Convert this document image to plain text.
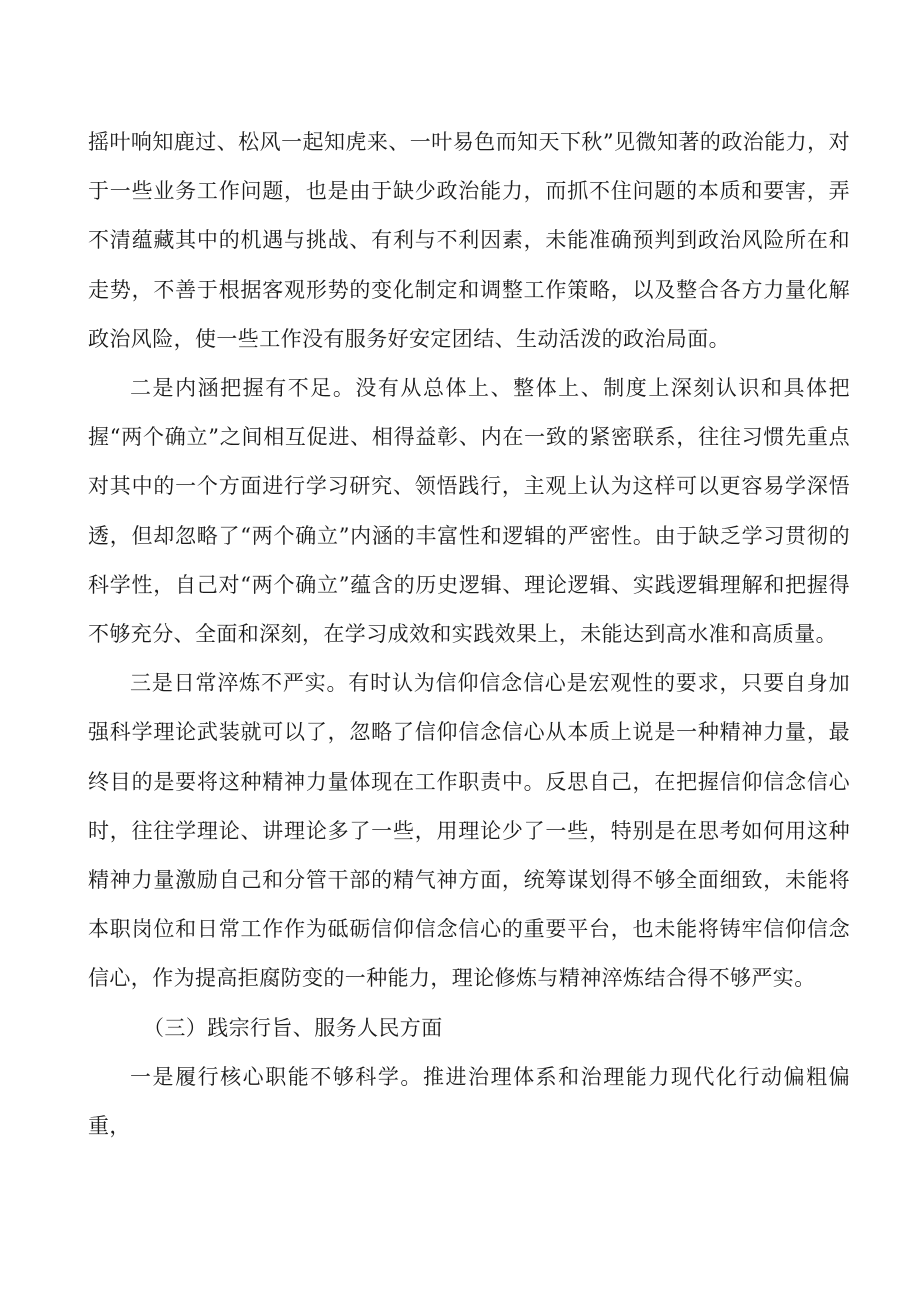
摇叶响知鹿过、松风一起知虎来、一叶易色而知天下秋”见微知著的政治能力，对于一些业务工作问题，也是由于缺少政治能力，而抓不住问题的本质和要害，弄不清蕴藏其中的机遇与挑战、有利与不利因素，未能准确预判到政治风险所在和走势，不善于根据客观形势的变化制定和调整工作策略，以及整合各方力量化解政治风险，使一些工作没有服务好安定团结、生动活泼的政治局面。

二是内涵把握有不足。没有从总体上、整体上、制度上深刻认识和具体把握“两个确立”之间相互促进、相得益彰、内在一致的紧密联系，往往习惯先重点对其中的一个方面进行学习研究、领悟践行，主观上认为这样可以更容易学深悟透，但却忽略了“两个确立”内涵的丰富性和逻辑的严密性。由于缺乏学习贯彻的科学性，自己对“两个确立”蕴含的历史逻辑、理论逻辑、实践逻辑理解和把握得不够充分、全面和深刻，在学习成效和实践效果上，未能达到高水准和高质量。

三是日常淬炼不严实。有时认为信仰信念信心是宏观性的要求，只要自身加强科学理论武装就可以了，忽略了信仰信念信心从本质上说是一种精神力量，最终目的是要将这种精神力量体现在工作职责中。反思自己，在把握信仰信念信心时，往往学理论、讲理论多了一些，用理论少了一些，特别是在思考如何用这种精神力量激励自己和分管干部的精气神方面，统筹谋划得不够全面细致，未能将本职岗位和日常工作作为砥砺信仰信念信心的重要平台，也未能将铸牢信仰信念信心，作为提高拒腐防变的一种能力，理论修炼与精神淬炼结合得不够严实。

（三）践宗行旨、服务人民方面

一是履行核心职能不够科学。推进治理体系和治理能力现代化行动偏粗偏重，
